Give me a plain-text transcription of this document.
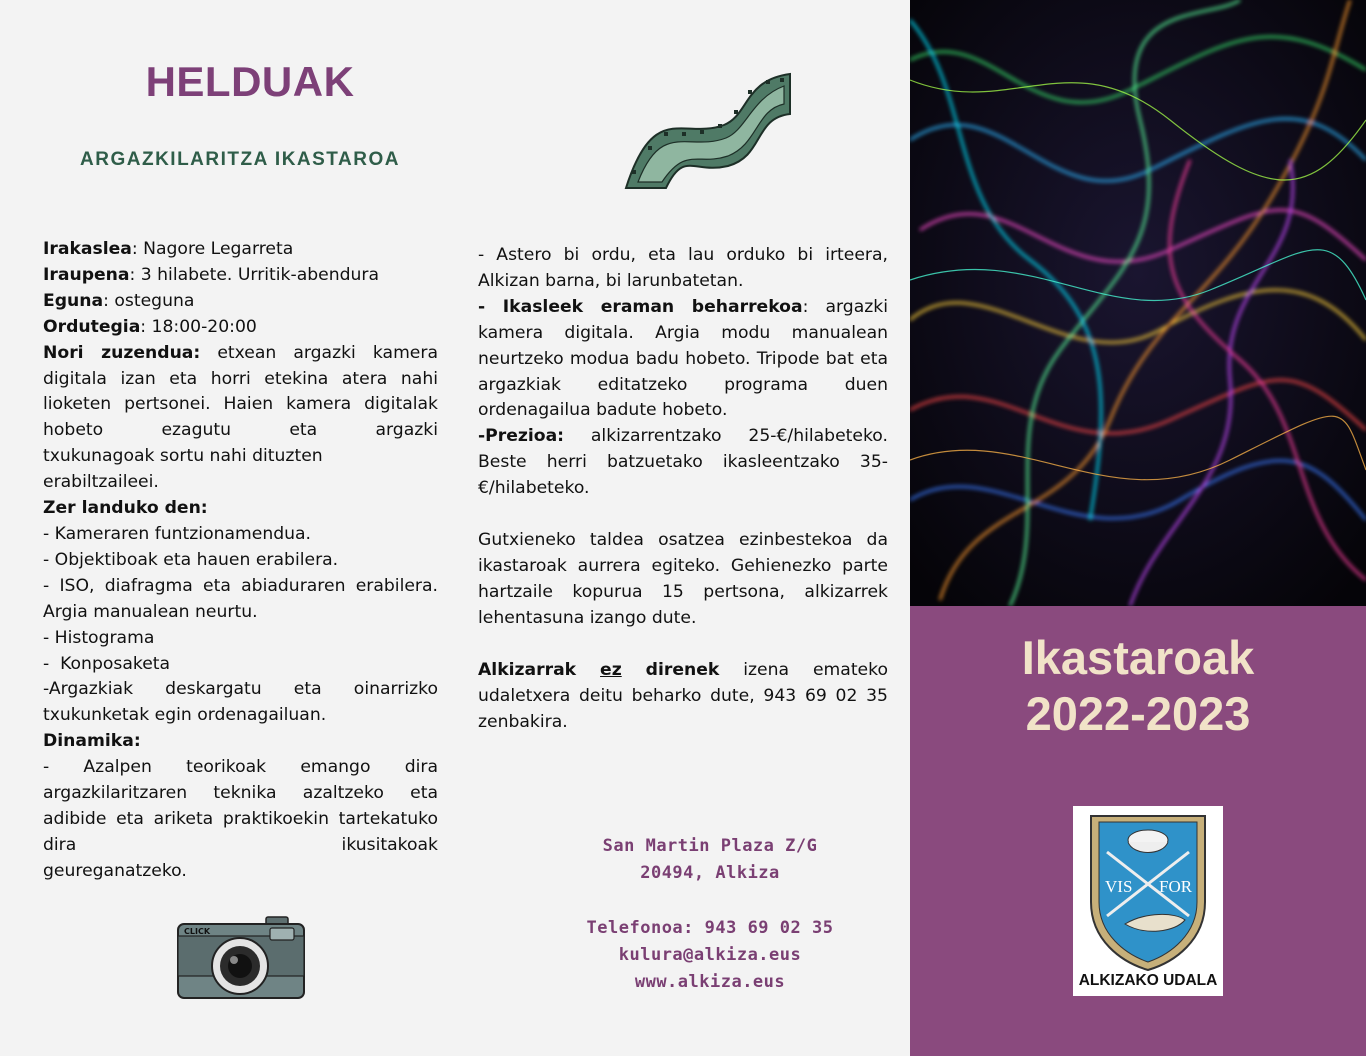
HELDUAK
ARGAZKILARITZA IKASTAROA

Irakaslea: Nagore Legarreta

Iraupena: 3 hilabete. Urritik-abendura

Eguna: osteguna

Ordutegia: 18:00-20:00

Nori zuzendua: etxean argazki kamera digitala izan eta horri etekina atera nahi lioketen pertsonei. Haien kamera digitalak hobeto ezagutu eta argazki

txukunagoak sortu nahi dituzten

erabiltzaileei.

Zer landuko den:

- Kameraren funtzionamendua.

- Objektiboak eta hauen erabilera.

- ISO, diafragma eta abiaduraren erabilera. Argia manualean neurtu.

- Histograma

-  Konposaketa

-Argazkiak deskargatu eta oinarrizko txukunketak egin ordenagailuan.

Dinamika:

- Azalpen teorikoak emango dira argazkilaritzaren teknika azaltzeko eta adibide eta ariketa praktikoekin tartekatuko dira ikusitakoak

geureganatzeko.

CLICK

- Astero bi ordu, eta lau orduko bi irteera, Alkizan barna, bi larunbatetan.

- Ikasleek eraman beharrekoa: argazki kamera digitala. Argia modu manualean neurtzeko modua badu hobeto. Tripode bat eta argazkiak editatzeko programa duen ordenagailua badute hobeto.

-Prezioa: alkizarrentzako 25-€/hilabeteko. Beste herri batzuetako ikasleentzako 35-€/hilabeteko.

Gutxieneko taldea osatzea ezinbestekoa da ikastaroak aurrera egiteko. Gehienezko parte hartzaile kopurua 15 pertsona, alkizarrek lehentasuna izango dute.

Alkizarrak ez direnek izena emateko udaletxera deitu beharko dute, 943 69 02 35 zenbakira.

San Martin Plaza Z/G
20494, Alkiza
Telefonoa: 943 69 02 35
kulura@alkiza.eus
www.alkiza.eus
Ikastaroak
2022-2023
VIS FOR
ALKIZAKO UDALA
